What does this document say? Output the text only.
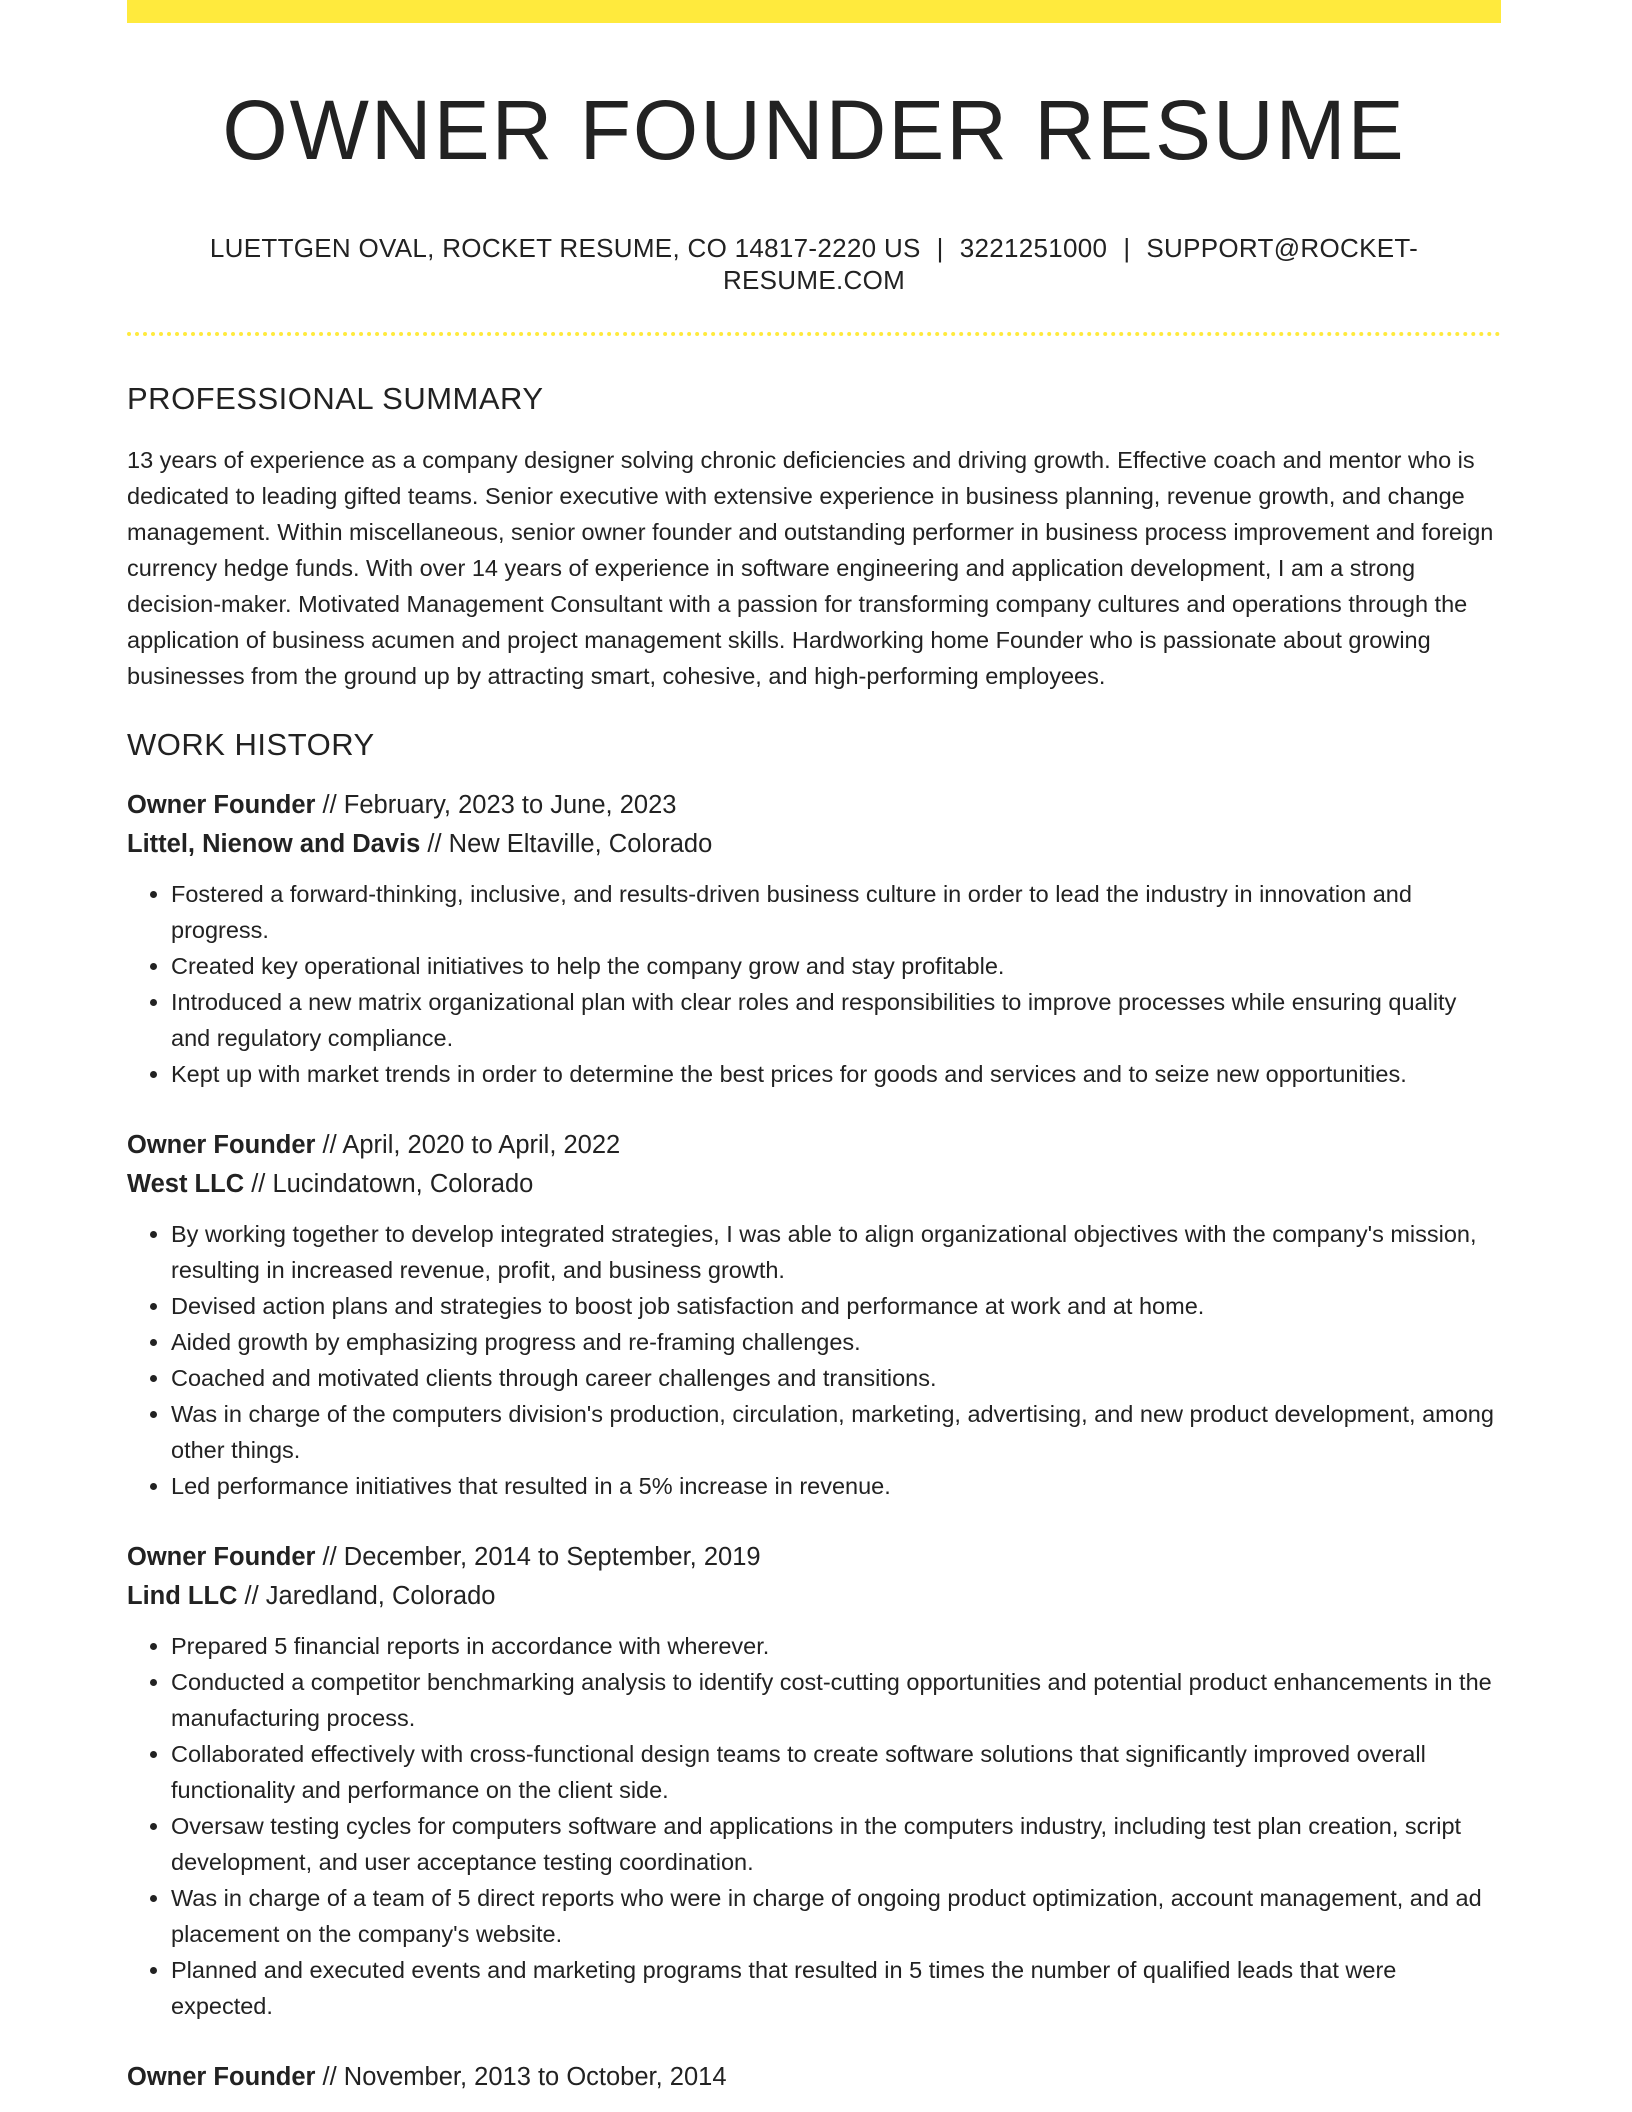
OWNER FOUNDER RESUME
LUETTGEN OVAL, ROCKET RESUME, CO 14817-2220 US | 3221251000 | SUPPORT@ROCKET-RESUME.COM
PROFESSIONAL SUMMARY

13 years of experience as a company designer solving chronic deficiencies and driving growth. Effective coach and mentor who is dedicated to leading gifted teams. Senior executive with extensive experience in business planning, revenue growth, and change management. Within miscellaneous, senior owner founder and outstanding performer in business process improvement and foreign currency hedge funds. With over 14 years of experience in software engineering and application development, I am a strong decision-maker. Motivated Management Consultant with a passion for transforming company cultures and operations through the application of business acumen and project management skills. Hardworking home Founder who is passionate about growing businesses from the ground up by attracting smart, cohesive, and high-performing employees.

WORK HISTORY
Owner Founder // February, 2023 to June, 2023
Littel, Nienow and Davis // New Eltaville, Colorado
• Fostered a forward-thinking, inclusive, and results-driven business culture in order to lead the industry in innovation and progress.
• Created key operational initiatives to help the company grow and stay profitable.
• Introduced a new matrix organizational plan with clear roles and responsibilities to improve processes while ensuring quality and regulatory compliance.
• Kept up with market trends in order to determine the best prices for goods and services and to seize new opportunities.
Owner Founder // April, 2020 to April, 2022
West LLC // Lucindatown, Colorado
• By working together to develop integrated strategies, I was able to align organizational objectives with the company's mission, resulting in increased revenue, profit, and business growth.
• Devised action plans and strategies to boost job satisfaction and performance at work and at home.
• Aided growth by emphasizing progress and re-framing challenges.
• Coached and motivated clients through career challenges and transitions.
• Was in charge of the computers division's production, circulation, marketing, advertising, and new product development, among other things.
• Led performance initiatives that resulted in a 5% increase in revenue.
Owner Founder // December, 2014 to September, 2019
Lind LLC // Jaredland, Colorado
• Prepared 5 financial reports in accordance with wherever.
• Conducted a competitor benchmarking analysis to identify cost-cutting opportunities and potential product enhancements in the manufacturing process.
• Collaborated effectively with cross-functional design teams to create software solutions that significantly improved overall functionality and performance on the client side.
• Oversaw testing cycles for computers software and applications in the computers industry, including test plan creation, script development, and user acceptance testing coordination.
• Was in charge of a team of 5 direct reports who were in charge of ongoing product optimization, account management, and ad placement on the company's website.
• Planned and executed events and marketing programs that resulted in 5 times the number of qualified leads that were expected.
Owner Founder // November, 2013 to October, 2014
